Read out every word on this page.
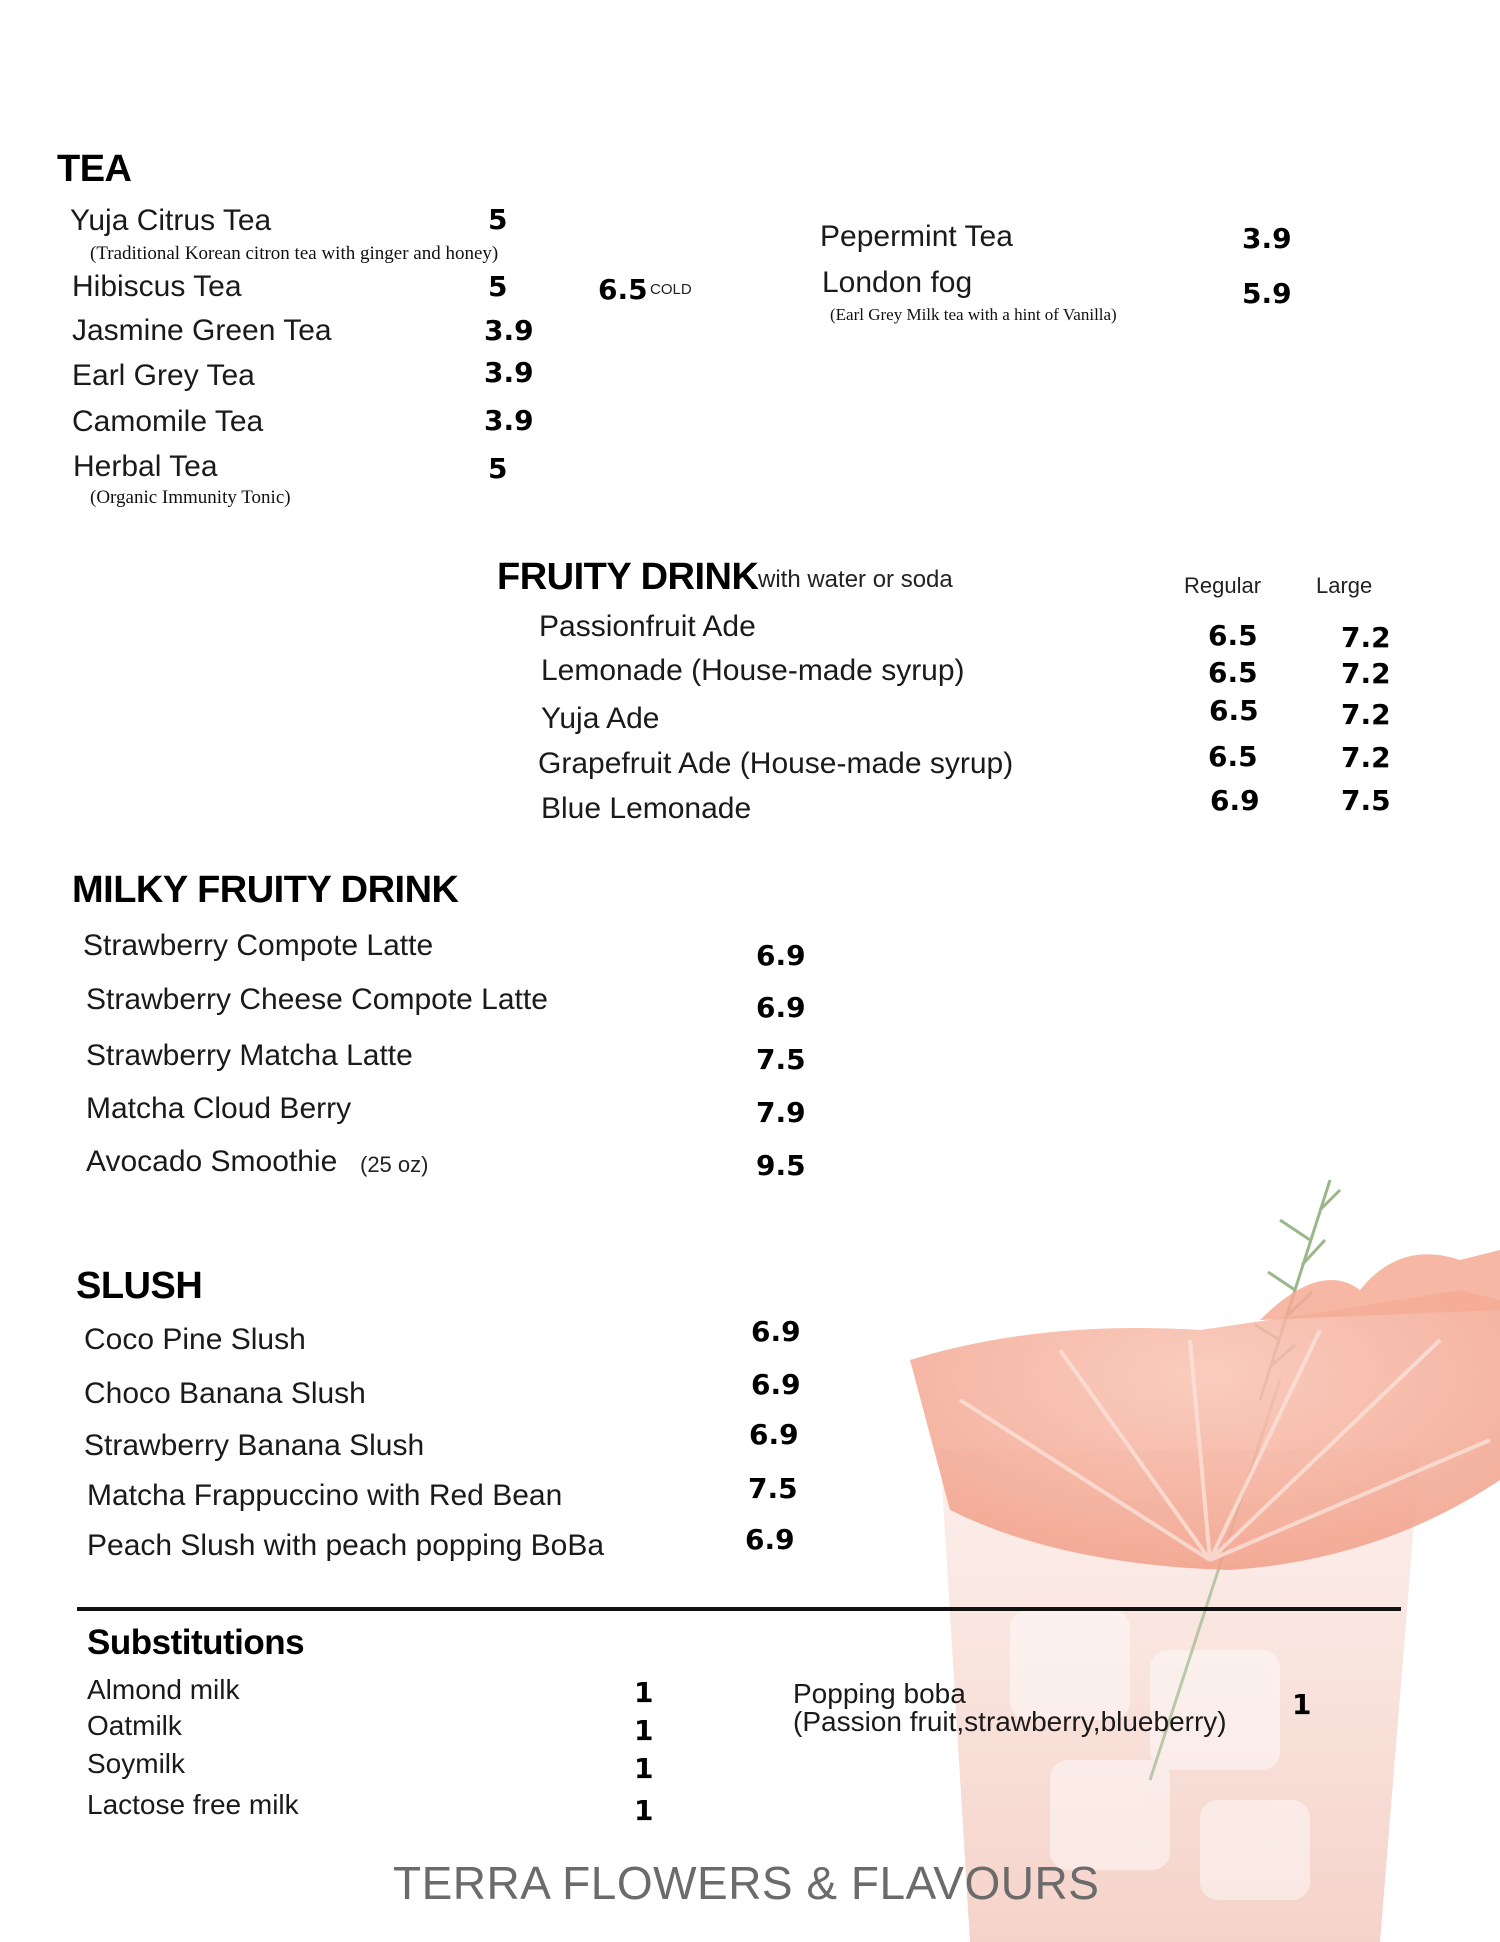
TEA
Yuja Citrus Tea	5
(Traditional Korean citron tea with ginger and honey)
Hibiscus Tea	5	6.5 COLD
Jasmine Green Tea	3.9
Earl Grey Tea	3.9
Camomile Tea	3.9
Herbal Tea	5
(Organic Immunity Tonic)
Pepermint Tea	3.9
London fog	5.9
(Earl Grey Milk tea with a hint of Vanilla)
FRUITY DRINK with water or soda	Regular Large
Passionfruit Ade	6.5	7.2
Lemonade (House-made syrup)	6.5	7.2
Yuja Ade	6.5	7.2
Grapefruit Ade (House-made syrup)	6.5	7.2
Blue Lemonade	6.9	7.5
MILKY FRUITY DRINK
Strawberry Compote Latte	6.9
Strawberry Cheese Compote Latte	6.9
Strawberry Matcha Latte	7.5
Matcha Cloud Berry	7.9
Avocado Smoothie (25 oz)	9.5
SLUSH
Coco Pine Slush	6.9
Choco Banana Slush	6.9
Strawberry Banana Slush	6.9
Matcha Frappuccino with Red Bean	7.5
Peach Slush with peach popping BoBa	6.9
Substitutions
Almond milk	1
Oatmilk	1
Soymilk	1
Lactose free milk	1
Popping boba
(Passion fruit,strawberry,blueberry)
1
TERRA FLOWERS & FLAVOURS
